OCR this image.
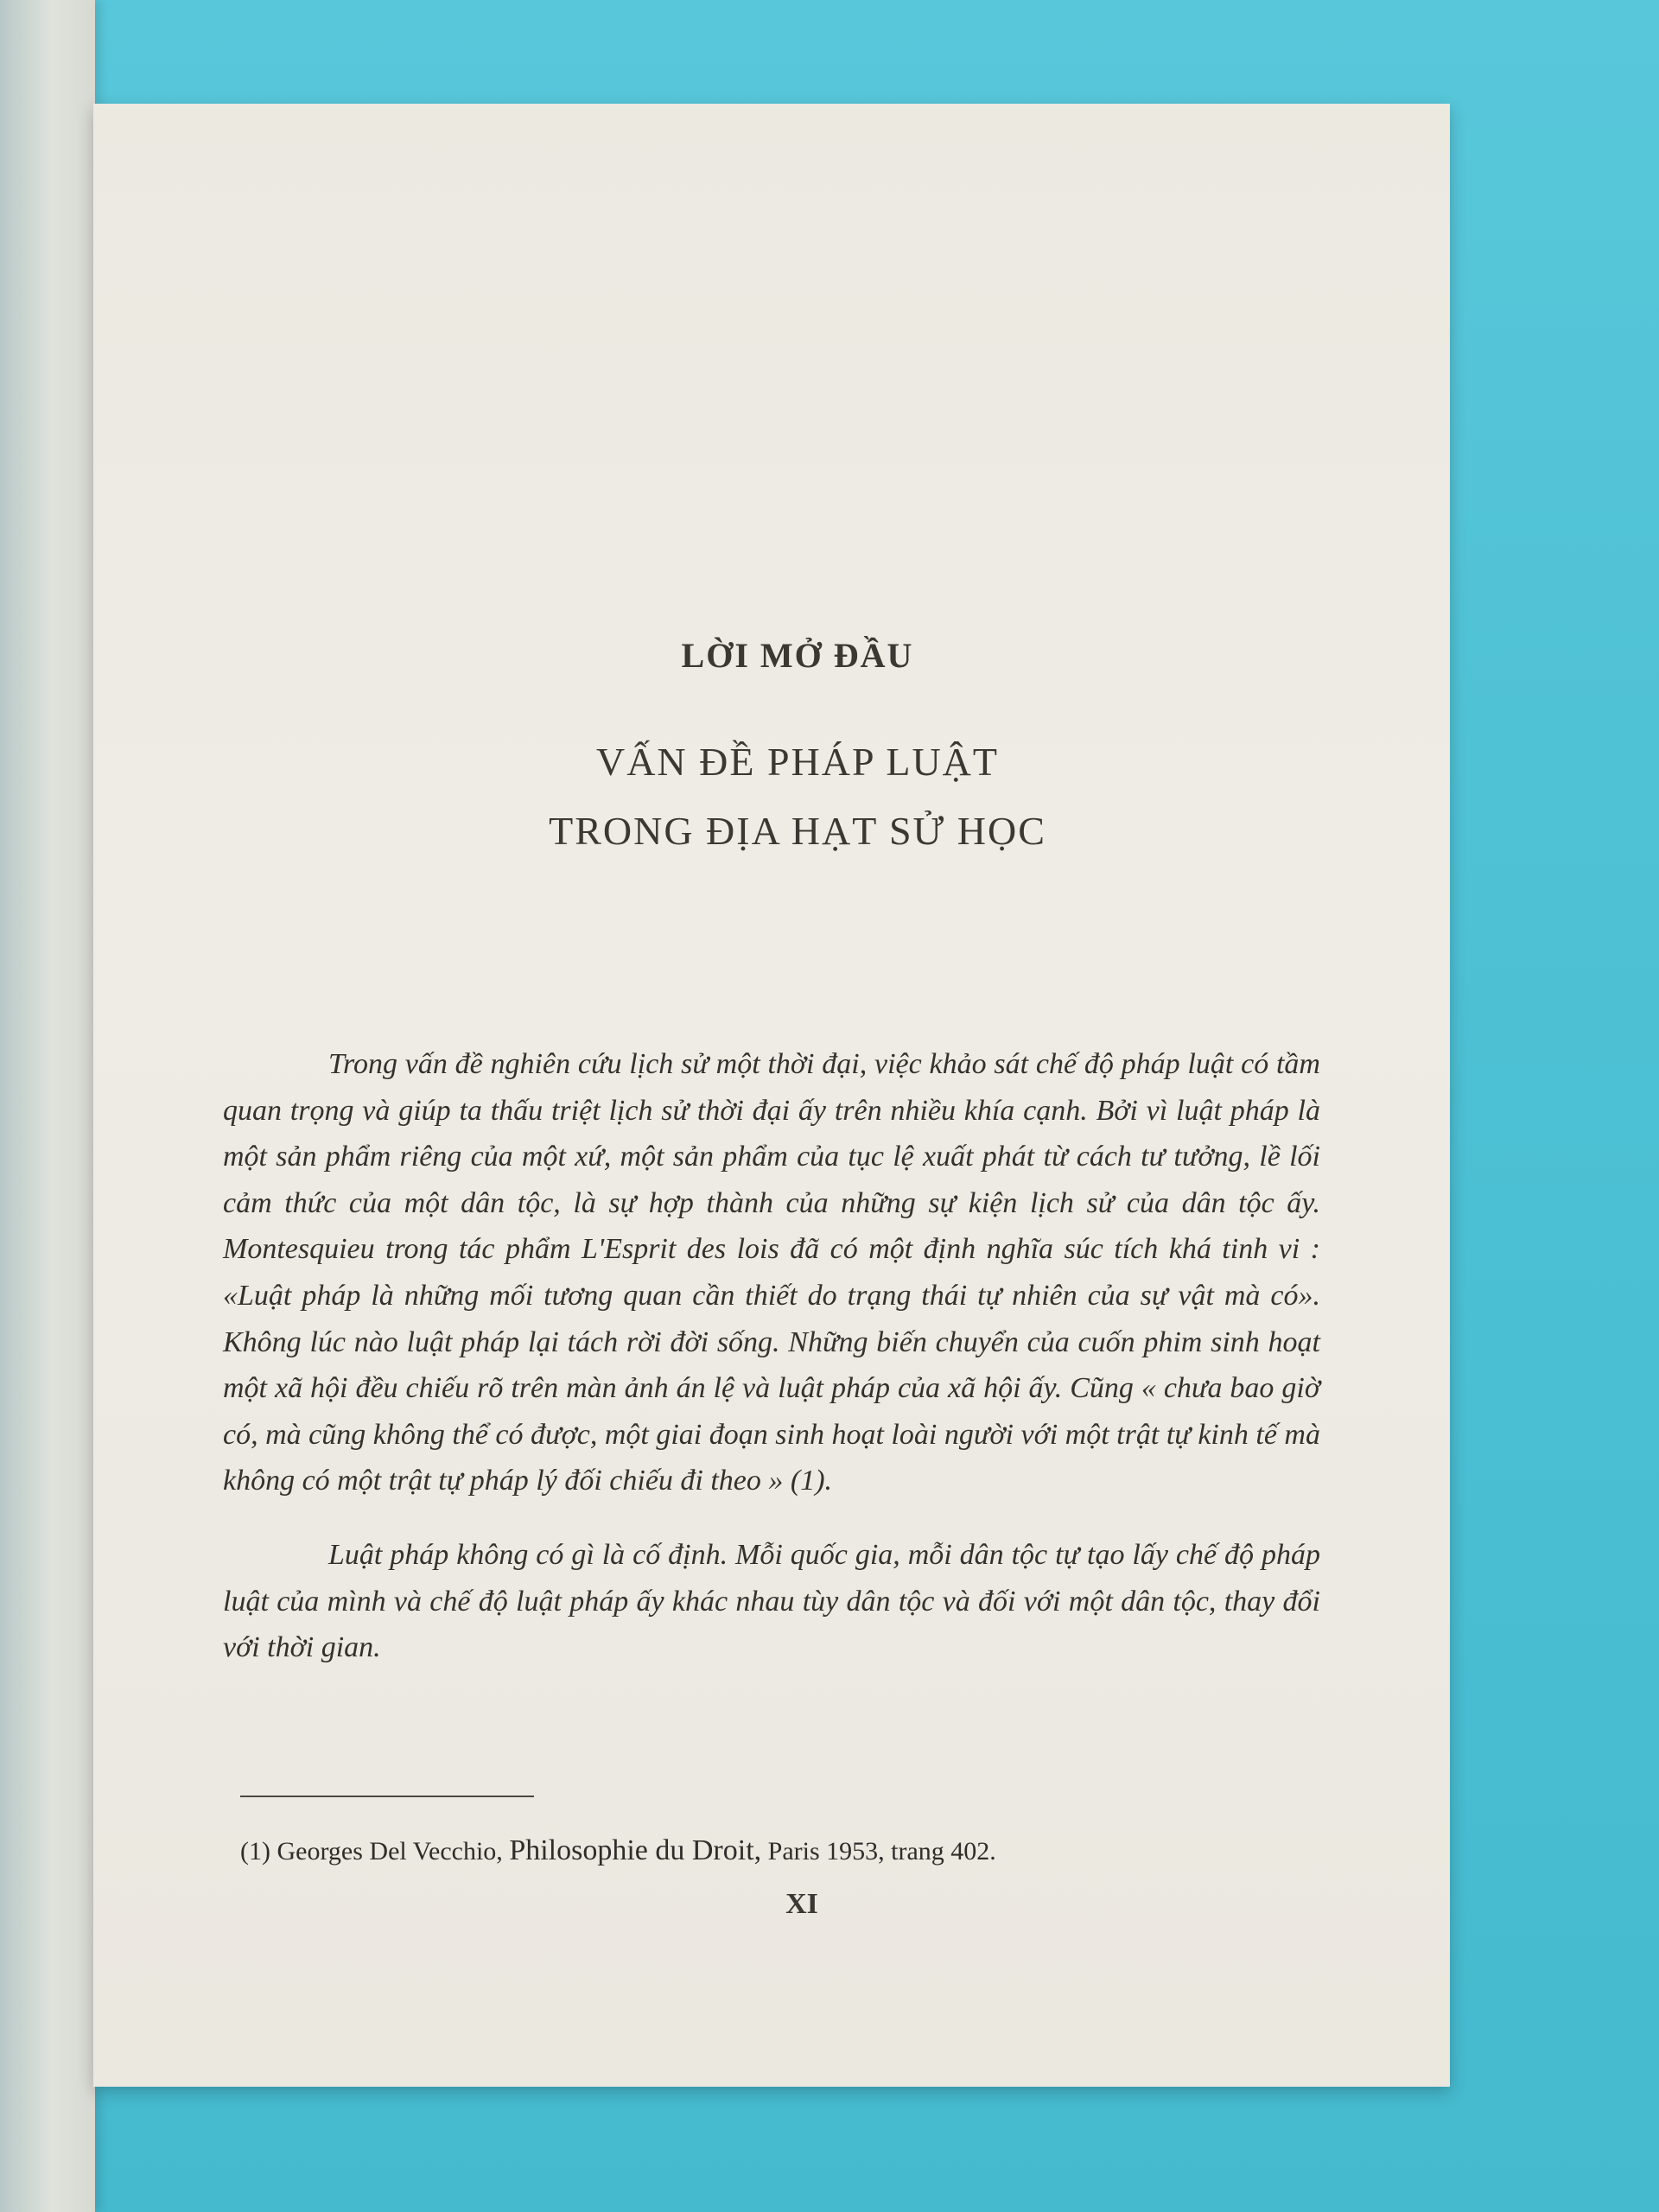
LỜI MỞ ĐẦU
VẤN ĐỀ PHÁP LUẬT
TRONG ĐỊA HẠT SỬ HỌC

Trong vấn đề nghiên cứu lịch sử một thời đại, việc khảo sát chế độ pháp luật có tầm quan trọng và giúp ta thấu triệt lịch sử thời đại ấy trên nhiều khía cạnh. Bởi vì luật pháp là một sản phẩm riêng của một xứ, một sản phẩm của tục lệ xuất phát từ cách tư tưởng, lề lối cảm thức của một dân tộc, là sự hợp thành của những sự kiện lịch sử của dân tộc ấy. Montesquieu trong tác phẩm L'Esprit des lois đã có một định nghĩa súc tích khá tinh vi : «Luật pháp là những mối tương quan cần thiết do trạng thái tự nhiên của sự vật mà có». Không lúc nào luật pháp lại tách rời đời sống. Những biến chuyển của cuốn phim sinh hoạt một xã hội đều chiếu rõ trên màn ảnh án lệ và luật pháp của xã hội ấy. Cũng « chưa bao giờ có, mà cũng không thể có được, một giai đoạn sinh hoạt loài người với một trật tự kinh tế mà không có một trật tự pháp lý đối chiếu đi theo » (1).

Luật pháp không có gì là cố định. Mỗi quốc gia, mỗi dân tộc tự tạo lấy chế độ pháp luật của mình và chế độ luật pháp ấy khác nhau tùy dân tộc và đối với một dân tộc, thay đổi với thời gian.

(1) Georges Del Vecchio, Philosophie du Droit, Paris 1953, trang 402.
XI
